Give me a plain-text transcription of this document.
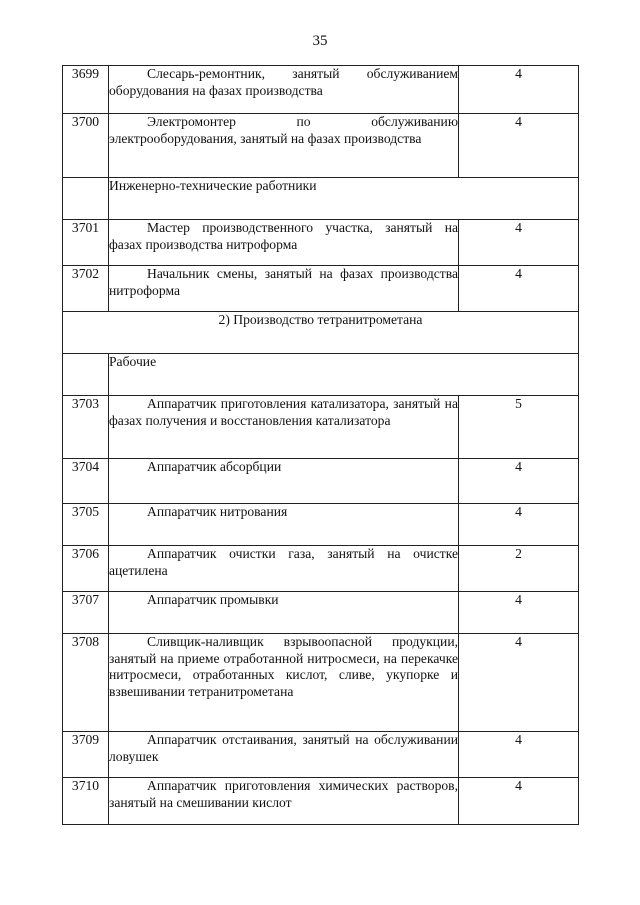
35
3699	Слесарь-ремонтник, занятый обслуживанием оборудования на фазах производства	4
3700	Электромонтер по обслуживанию электрооборудования, занятый на фазах производства	4
	Инженерно-технические работники	
3701	Мастер производственного участка, занятый на фазах производства нитроформа	4
3702	Начальник смены, занятый на фазах производства нитроформа	4
2) Производство тетранитрометана		
	Рабочие	
3703	Аппаратчик приготовления катализатора, занятый на фазах получения и восстановления катализатора	5
3704	Аппаратчик абсорбции	4
3705	Аппаратчик нитрования	4
3706	Аппаратчик очистки газа, занятый на очистке ацетилена	2
3707	Аппаратчик промывки	4
3708	Сливщик-наливщик взрывоопасной продукции, занятый на приеме отработанной нитросмеси, на перекачке нитросмеси, отработанных кислот, сливе, укупорке и взвешивании тетранитрометана	4
3709	Аппаратчик отстаивания, занятый на обслуживании ловушек	4
3710	Аппаратчик приготовления химических растворов, занятый на смешивании кислот	4
